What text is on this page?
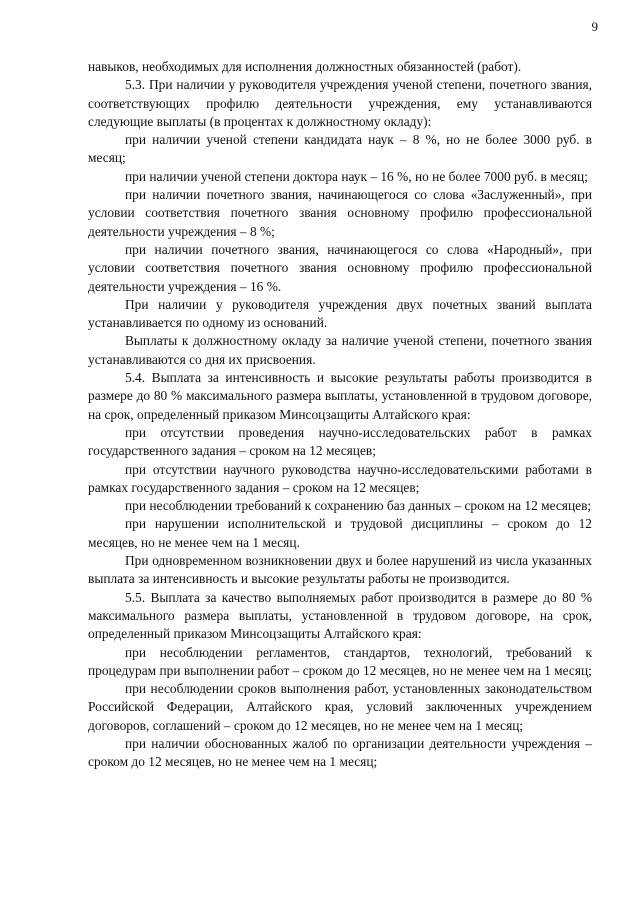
9

навыков, необходимых для исполнения должностных обязанностей (работ).

5.3. При наличии у руководителя учреждения ученой степени, почетного звания, соответствующих профилю деятельности учреждения, ему устанавливаются следующие выплаты (в процентах к должностному окладу):

при наличии ученой степени кандидата наук – 8 %, но не более 3000 руб. в месяц;

при наличии ученой степени доктора наук – 16 %, но не более 7000 руб. в месяц;

при наличии почетного звания, начинающегося со слова «Заслуженный», при условии соответствия почетного звания основному профилю профессиональной деятельности учреждения – 8 %;

при наличии почетного звания, начинающегося со слова «Народный», при условии соответствия почетного звания основному профилю профессиональной деятельности учреждения – 16 %.

При наличии у руководителя учреждения двух почетных званий выплата устанавливается по одному из оснований.

Выплаты к должностному окладу за наличие ученой степени, почетного звания устанавливаются со дня их присвоения.

5.4. Выплата за интенсивность и высокие результаты работы производится в размере до 80 % максимального размера выплаты, установленной в трудовом договоре, на срок, определенный приказом Минсоцзащиты Алтайского края:

при отсутствии проведения научно-исследовательских работ в рамках государственного задания – сроком на 12 месяцев;

при отсутствии научного руководства научно-исследовательскими работами в рамках государственного задания – сроком на 12 месяцев;

при несоблюдении требований к сохранению баз данных – сроком на 12 месяцев;

при нарушении исполнительской и трудовой дисциплины – сроком до 12 месяцев, но не менее чем на 1 месяц.

При одновременном возникновении двух и более нарушений из числа указанных выплата за интенсивность и высокие результаты работы не производится.

5.5. Выплата за качество выполняемых работ производится в размере до 80 % максимального размера выплаты, установленной в трудовом договоре, на срок, определенный приказом Минсоцзащиты Алтайского края:

при несоблюдении регламентов, стандартов, технологий, требований к процедурам при выполнении работ – сроком до 12 месяцев, но не менее чем на 1 месяц;

при несоблюдении сроков выполнения работ, установленных законодательством Российской Федерации, Алтайского края, условий заключенных учреждением договоров, соглашений – сроком до 12 месяцев, но не менее чем на 1 месяц;

при наличии обоснованных жалоб по организации деятельности учреждения – сроком до 12 месяцев, но не менее чем на 1 месяц;
